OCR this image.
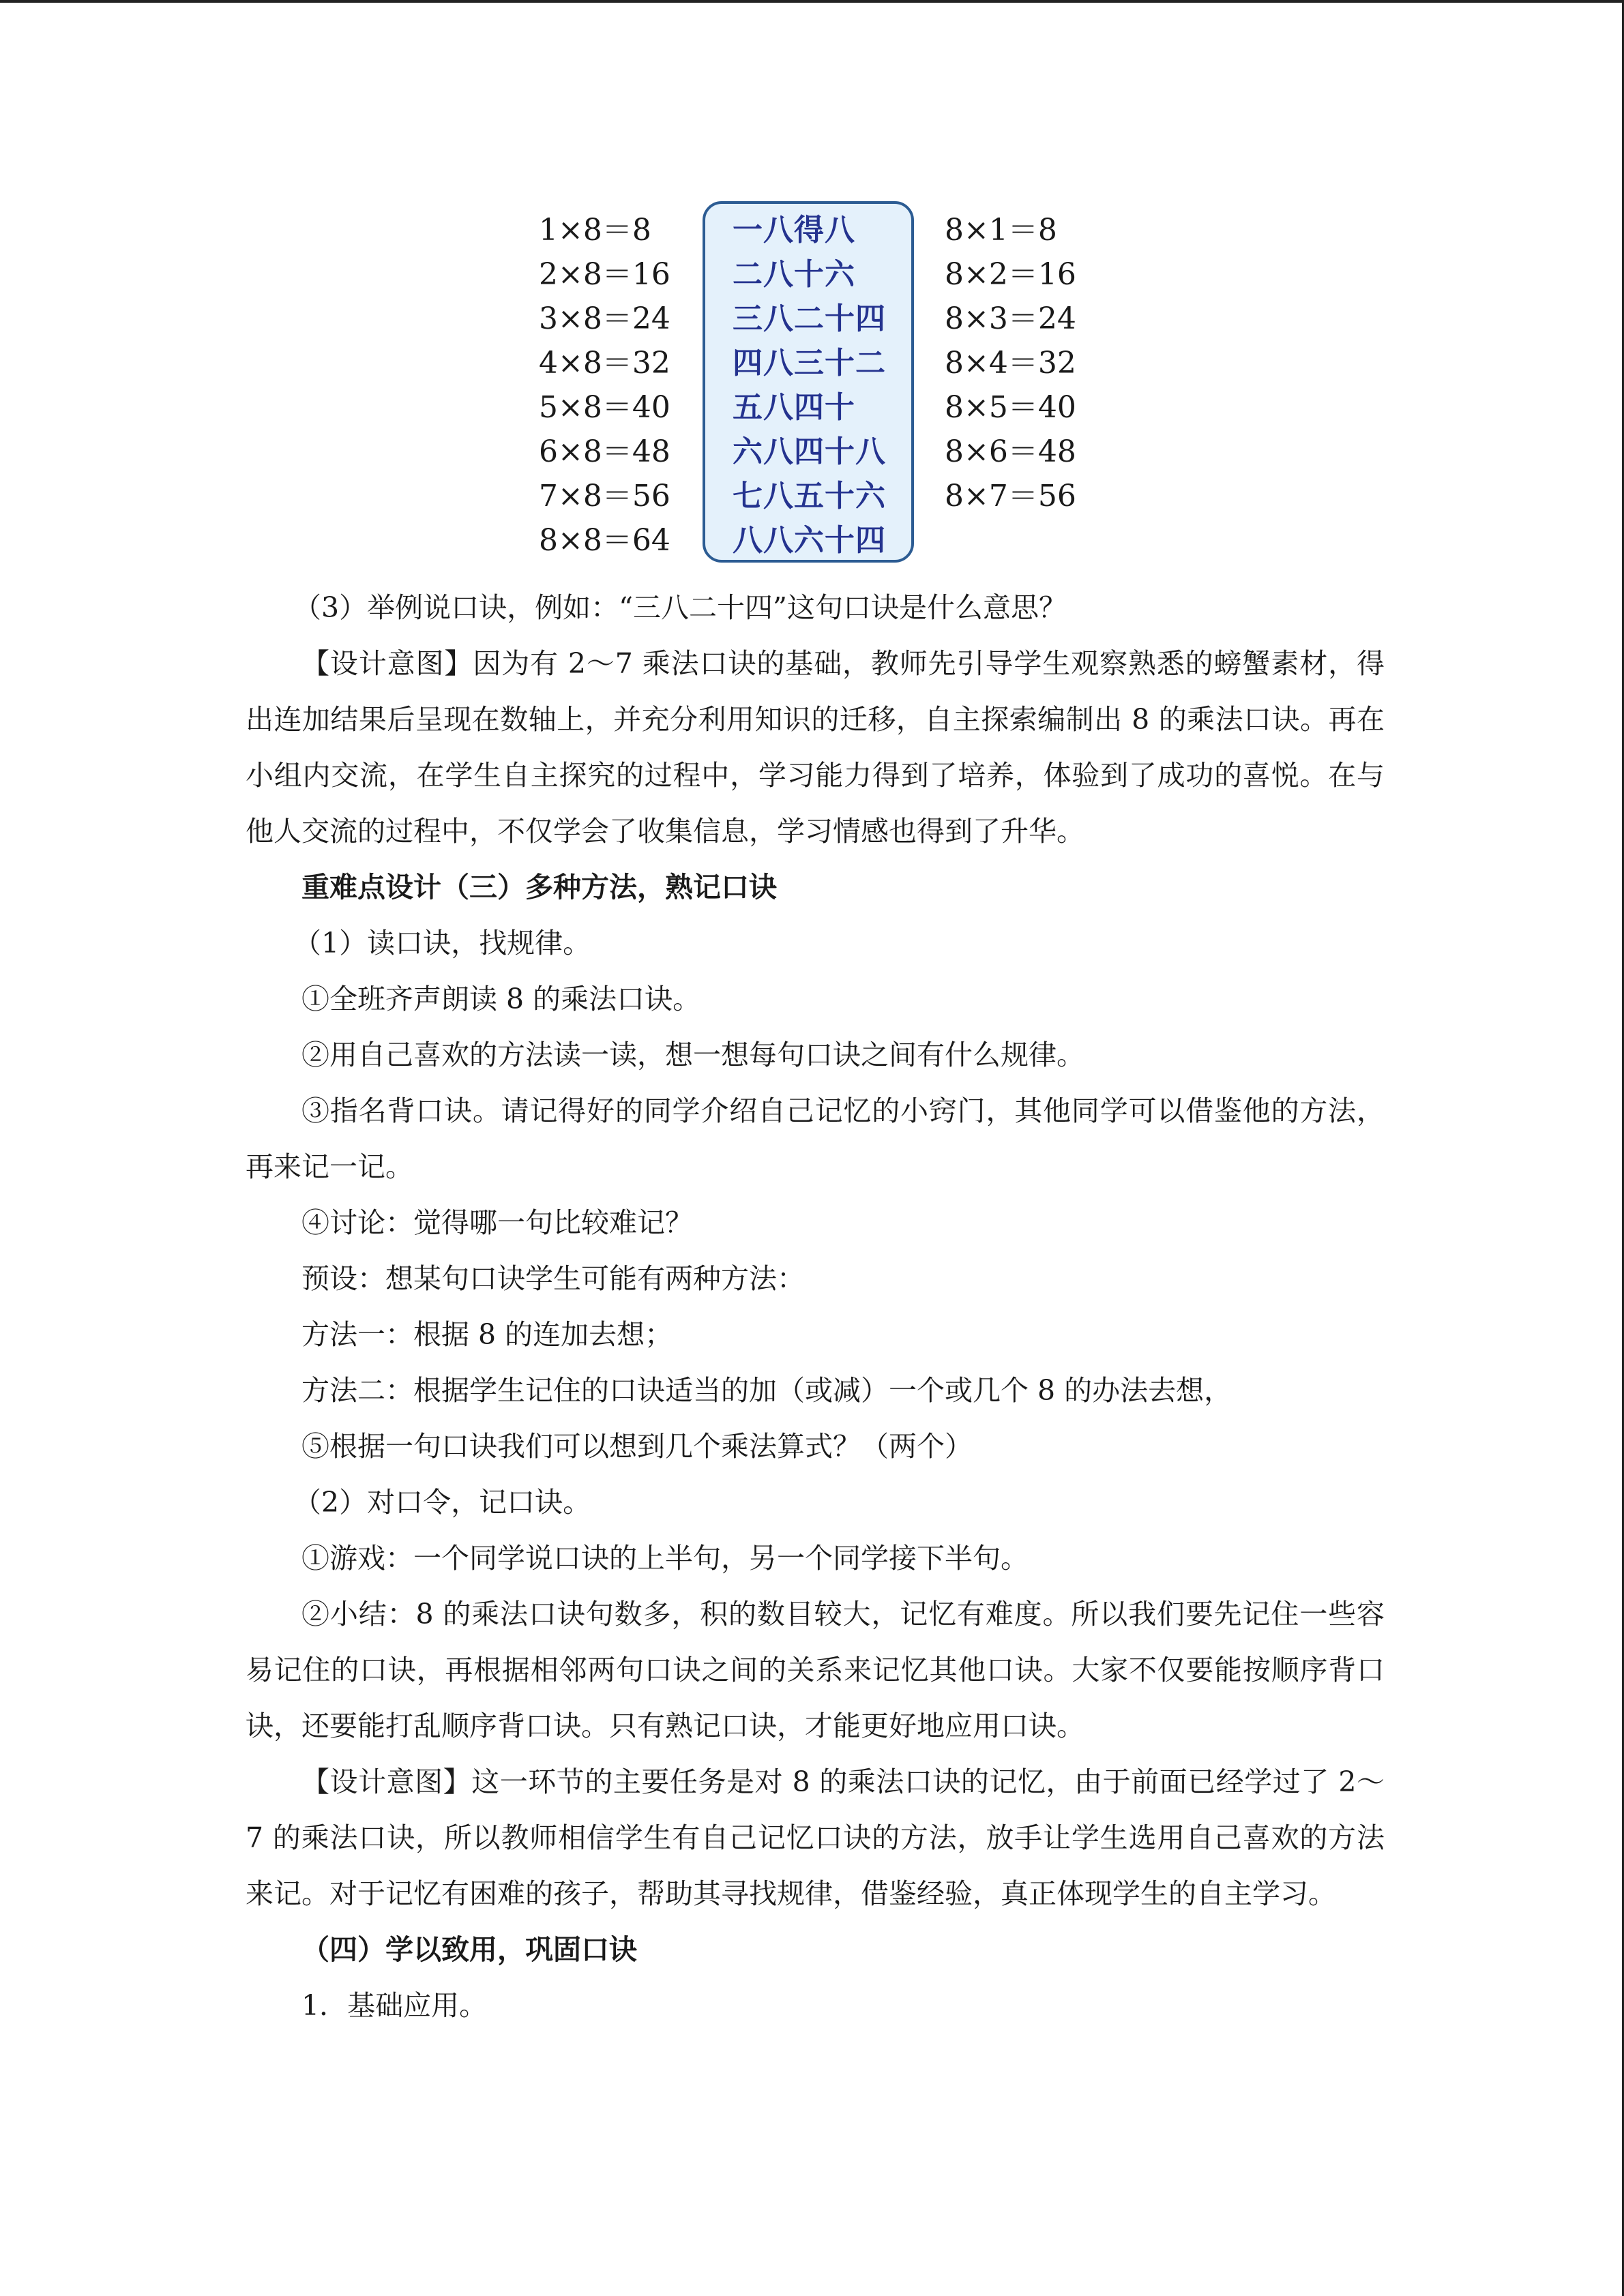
1×8＝8
2×8＝16
3×8＝24
4×8＝32
5×8＝40
6×8＝48
7×8＝56
8×8＝64
一八得八
二八十六
三八二十四
四八三十二
五八四十
六八四十八
七八五十六
八八六十四
8×1＝8
8×2＝16
8×3＝24
8×4＝32
8×5＝40
8×6＝48
8×7＝56

（3）举例说口诀，例如：“三八二十四”这句口诀是什么意思？

【设计意图】因为有 2～7 乘法口诀的基础，教师先引导学生观察熟悉的螃蟹素材，得出连加结果后呈现在数轴上，并充分利用知识的迁移，自主探索编制出 8 的乘法口诀。再在小组内交流，在学生自主探究的过程中，学习能力得到了培养，体验到了成功的喜悦。在与他人交流的过程中，不仅学会了收集信息，学习情感也得到了升华。

重难点设计（三）多种方法，熟记口诀

（1）读口诀，找规律。

①全班齐声朗读 8 的乘法口诀。

②用自己喜欢的方法读一读，想一想每句口诀之间有什么规律。

③指名背口诀。请记得好的同学介绍自己记忆的小窍门，其他同学可以借鉴他的方法，再来记一记。

④讨论：觉得哪一句比较难记？

预设：想某句口诀学生可能有两种方法：

方法一：根据 8 的连加去想；

方法二：根据学生记住的口诀适当的加（或减）一个或几个 8 的办法去想，

⑤根据一句口诀我们可以想到几个乘法算式？（两个）

（2）对口令，记口诀。

①游戏：一个同学说口诀的上半句，另一个同学接下半句。

②小结：8 的乘法口诀句数多，积的数目较大，记忆有难度。所以我们要先记住一些容易记住的口诀，再根据相邻两句口诀之间的关系来记忆其他口诀。大家不仅要能按顺序背口诀，还要能打乱顺序背口诀。只有熟记口诀，才能更好地应用口诀。

【设计意图】这一环节的主要任务是对 8 的乘法口诀的记忆，由于前面已经学过了 2～7 的乘法口诀，所以教师相信学生有自己记忆口诀的方法，放手让学生选用自己喜欢的方法来记。对于记忆有困难的孩子，帮助其寻找规律，借鉴经验，真正体现学生的自主学习。

（四）学以致用，巩固口诀

1．基础应用。
